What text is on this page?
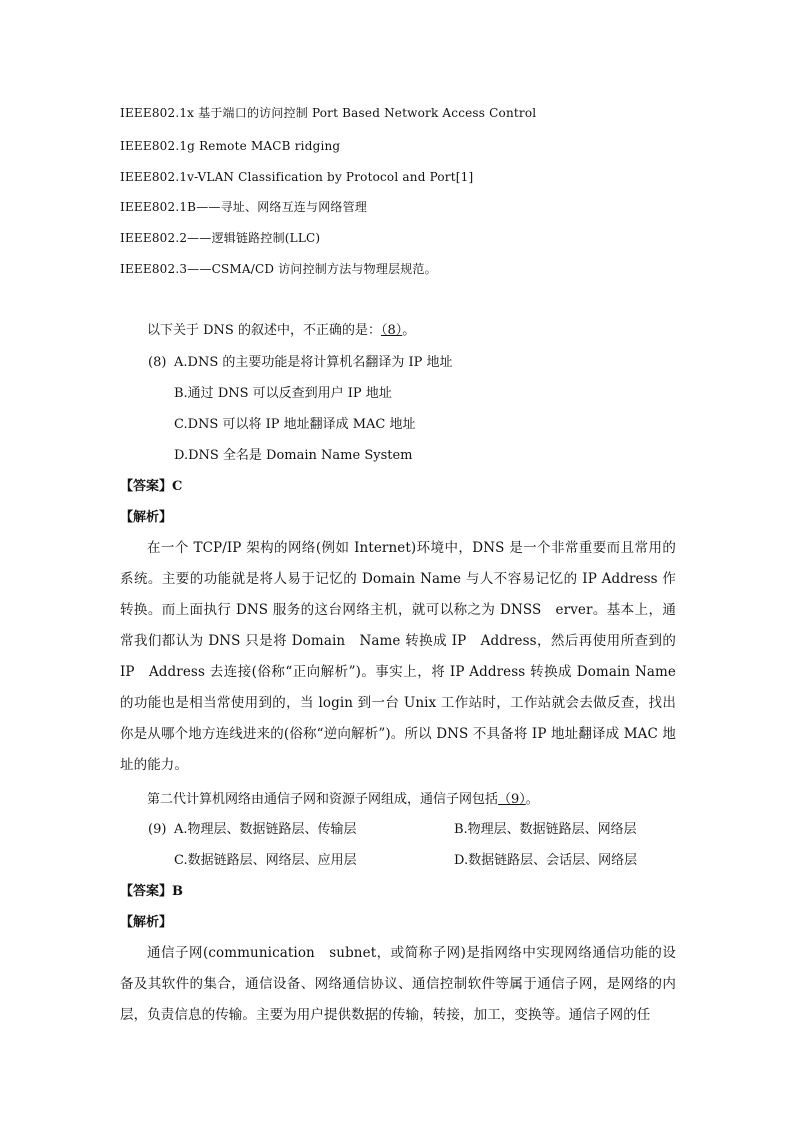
IEEE802.1x 基于端口的访问控制 Port Based Network Access Control
IEEE802.1g Remote MACB ridging
IEEE802.1v-VLAN Classification by Protocol and Port[1]
IEEE802.1B——寻址、网络互连与网络管理
IEEE802.2——逻辑链路控制(LLC)
IEEE802.3——CSMA/CD 访问控制方法与物理层规范。
以下关于 DNS 的叙述中，不正确的是：（8）。
(8) A.DNS 的主要功能是将计算机名翻译为 IP 地址
B.通过 DNS 可以反查到用户 IP 地址
C.DNS 可以将 IP 地址翻译成 MAC 地址
D.DNS 全名是 Domain Name System
【答案】C
【解析】
在一个 TCP/IP 架构的网络(例如 Internet)环境中，DNS 是一个非常重要而且常用的系统。主要的功能就是将人易于记忆的 Domain Name 与人不容易记忆的 IP Address 作转换。而上面执行 DNS 服务的这台网络主机，就可以称之为 DNSS　erver。基本上，通常我们都认为 DNS 只是将 Domain　Name 转换成 IP　Address，然后再使用所查到的 IP　Address 去连接(俗称“正向解析”)。事实上，将 IP Address 转换成 Domain Name 的功能也是相当常使用到的，当 login 到一台 Unix 工作站时，工作站就会去做反查，找出你是从哪个地方连线进来的(俗称“逆向解析”)。所以 DNS 不具备将 IP 地址翻译成 MAC 地址的能力。
第二代计算机网络由通信子网和资源子网组成，通信子网包括（9）。
(9) A.物理层、数据链路层、传输层	B.物理层、数据链路层、网络层
C.数据链路层、网络层、应用层	D.数据链路层、会话层、网络层
【答案】B
【解析】
通信子网(communication　subnet，或简称子网)是指网络中实现网络通信功能的设备及其软件的集合，通信设备、网络通信协议、通信控制软件等属于通信子网，是网络的内层，负责信息的传输。主要为用户提供数据的传输，转接，加工，变换等。通信子网的任
